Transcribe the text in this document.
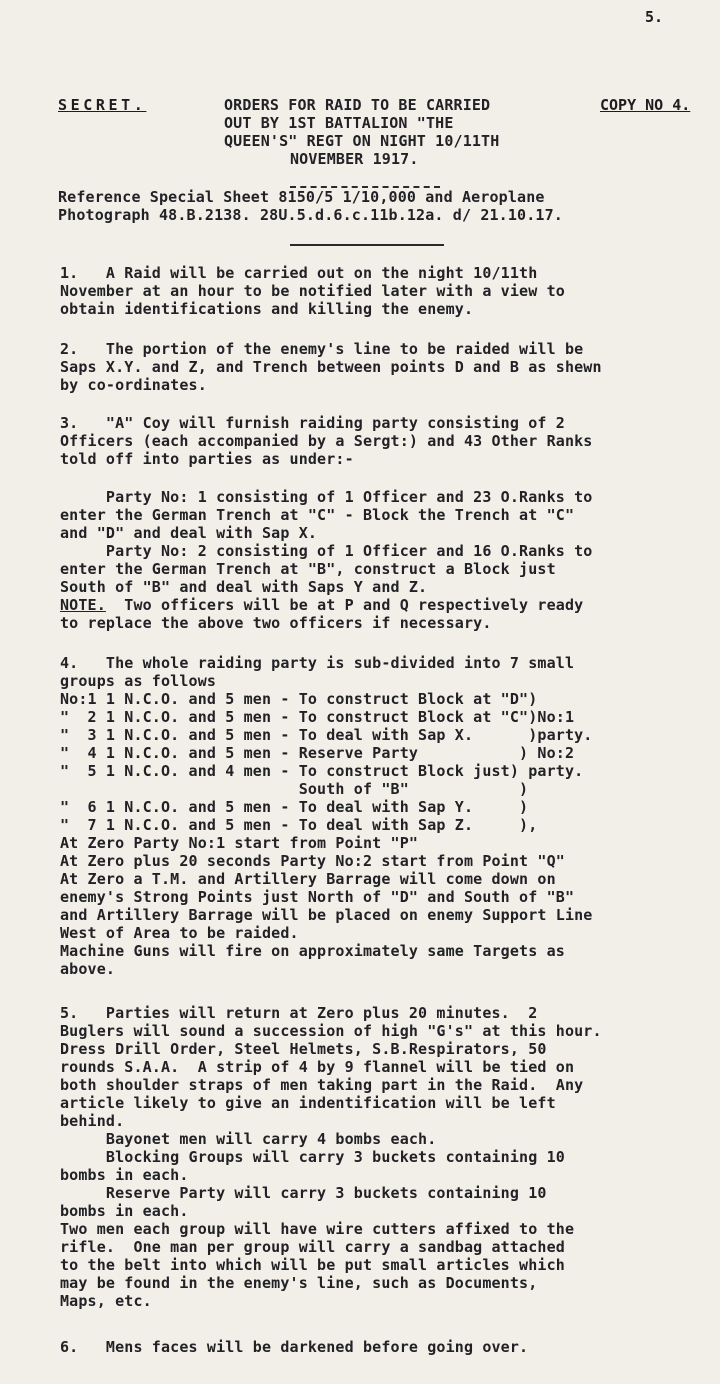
5.
SECRET.	COPY NO 4.
ORDERS FOR RAID TO BE CARRIED
OUT BY 1ST BATTALION "THE
QUEEN'S" REGT ON NIGHT 10/11TH
NOVEMBER 1917.
Reference Special Sheet 8150/5 1/10,000 and Aeroplane
Photograph 48.B.2138. 28U.5.d.6.c.11b.12a. d/ 21.10.17.
1.   A Raid will be carried out on the night 10/11th
November at an hour to be notified later with a view to
obtain identifications and killing the enemy.
2.   The portion of the enemy's line to be raided will be
Saps X.Y. and Z, and Trench between points D and B as shewn
by co-ordinates.
3.   "A" Coy will furnish raiding party consisting of 2
Officers (each accompanied by a Sergt:) and 43 Other Ranks
told off into parties as under:-
Party No: 1 consisting of 1 Officer and 23 O.Ranks to
enter the German Trench at "C" - Block the Trench at "C"
and "D" and deal with Sap X.
Party No: 2 consisting of 1 Officer and 16 O.Ranks to
enter the German Trench at "B", construct a Block just
South of "B" and deal with Saps Y and Z.
NOTE.  Two officers will be at P and Q respectively ready
to replace the above two officers if necessary.
4.   The whole raiding party is sub-divided into 7 small
groups as follows
No:1 1 N.C.O. and 5 men - To construct Block at "D")
"  2 1 N.C.O. and 5 men - To construct Block at "C")No:1
"  3 1 N.C.O. and 5 men - To deal with Sap X.      )party.
"  4 1 N.C.O. and 5 men - Reserve Party           ) No:2
"  5 1 N.C.O. and 4 men - To construct Block just) party.
South of "B"            )
"  6 1 N.C.O. and 5 men - To deal with Sap Y.     )
"  7 1 N.C.O. and 5 men - To deal with Sap Z.     ),
At Zero Party No:1 start from Point "P"
At Zero plus 20 seconds Party No:2 start from Point "Q"
At Zero a T.M. and Artillery Barrage will come down on
enemy's Strong Points just North of "D" and South of "B"
and Artillery Barrage will be placed on enemy Support Line
West of Area to be raided.
Machine Guns will fire on approximately same Targets as
above.
5.   Parties will return at Zero plus 20 minutes.  2
Buglers will sound a succession of high "G's" at this hour.
Dress Drill Order, Steel Helmets, S.B.Respirators, 50
rounds S.A.A.  A strip of 4 by 9 flannel will be tied on
both shoulder straps of men taking part in the Raid.  Any
article likely to give an indentification will be left
behind.
Bayonet men will carry 4 bombs each.
Blocking Groups will carry 3 buckets containing 10
bombs in each.
Reserve Party will carry 3 buckets containing 10
bombs in each.
Two men each group will have wire cutters affixed to the
rifle.  One man per group will carry a sandbag attached
to the belt into which will be put small articles which
may be found in the enemy's line, such as Documents,
Maps, etc.
6.   Mens faces will be darkened before going over.
